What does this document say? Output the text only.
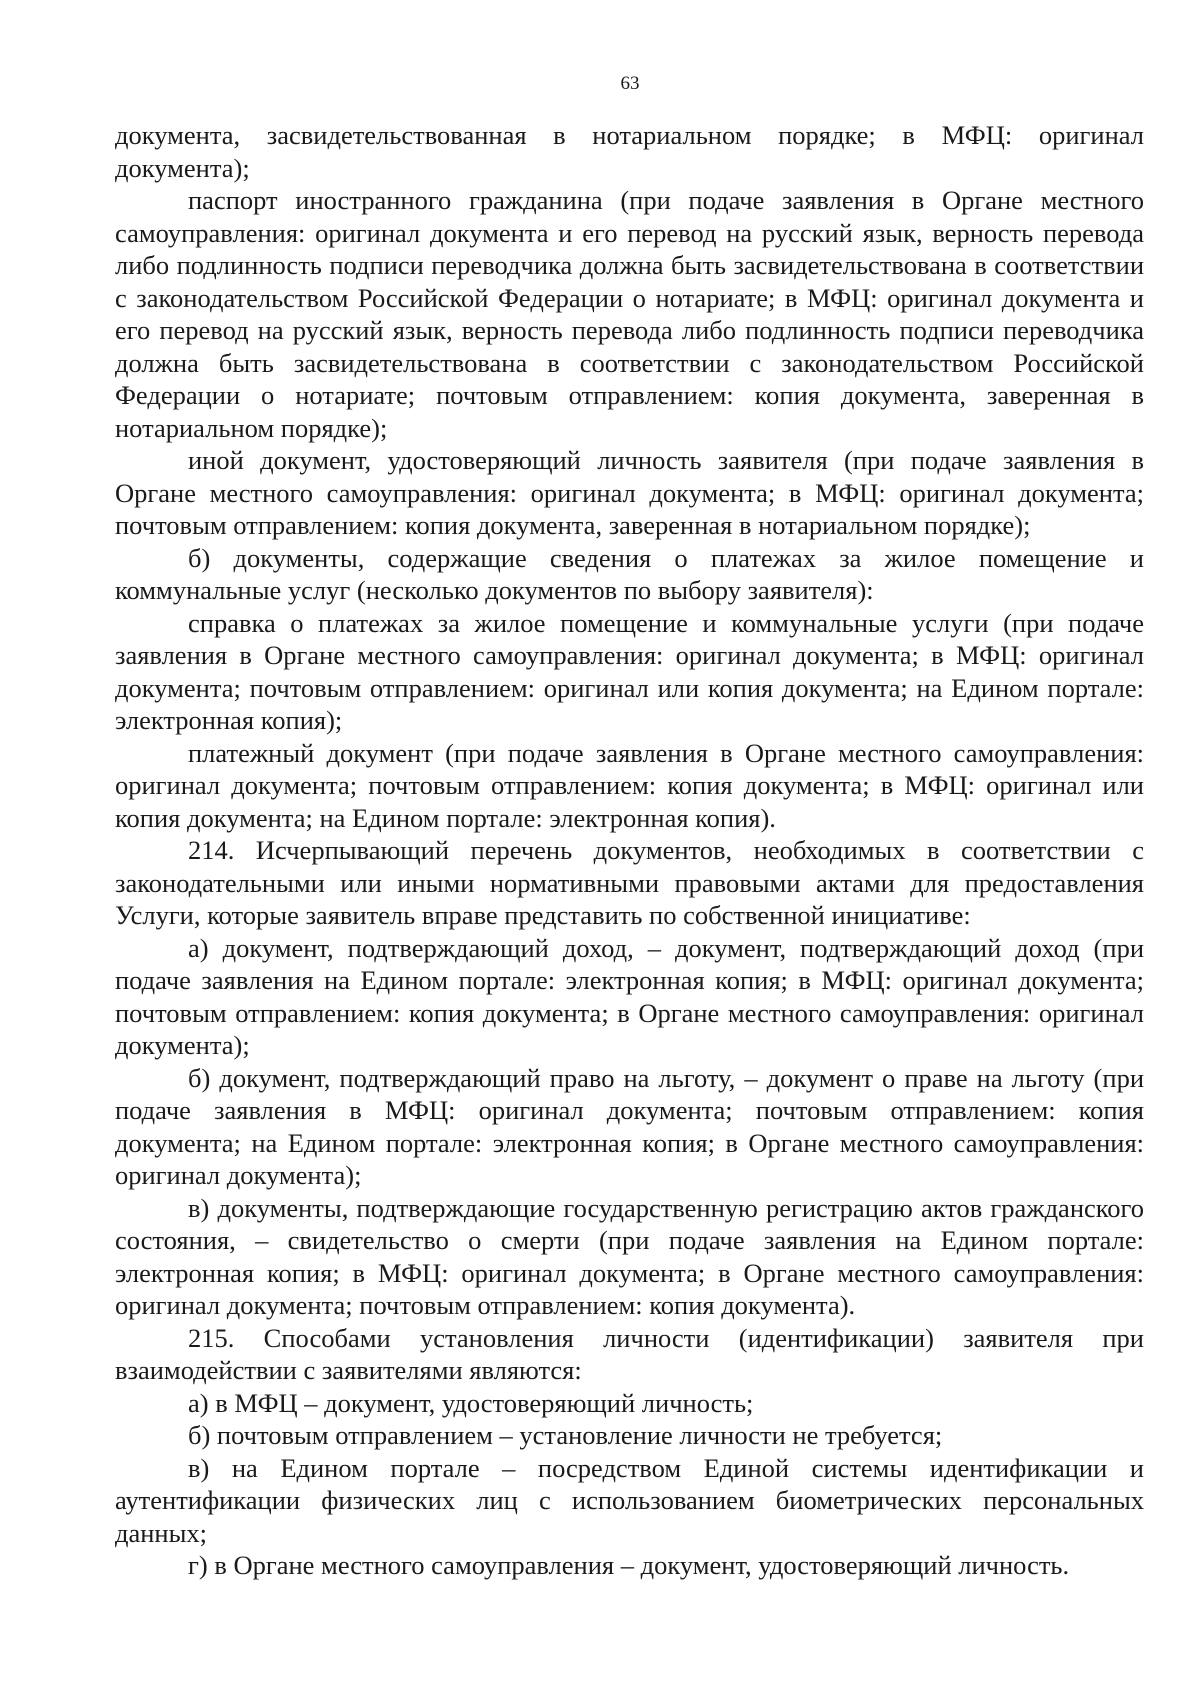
63

документа, засвидетельствованная в нотариальном порядке; в МФЦ: оригинал документа);

паспорт иностранного гражданина (при подаче заявления в Органе местного самоуправления: оригинал документа и его перевод на русский язык, верность перевода либо подлинность подписи переводчика должна быть засвидетельствована в соответствии с законодательством Российской Федерации о нотариате; в МФЦ: оригинал документа и его перевод на русский язык, верность перевода либо подлинность подписи переводчика должна быть засвидетельствована в соответствии с законодательством Российской Федерации о нотариате; почтовым отправлением: копия документа, заверенная в нотариальном порядке);

иной документ, удостоверяющий личность заявителя (при подаче заявления в Органе местного самоуправления: оригинал документа; в МФЦ: оригинал документа; почтовым отправлением: копия документа, заверенная в нотариальном порядке);

б) документы, содержащие сведения о платежах за жилое помещение и коммунальные услуг (несколько документов по выбору заявителя):

справка о платежах за жилое помещение и коммунальные услуги (при подаче заявления в Органе местного самоуправления: оригинал документа; в МФЦ: оригинал документа; почтовым отправлением: оригинал или копия документа; на Едином портале: электронная копия);

платежный документ (при подаче заявления в Органе местного самоуправления: оригинал документа; почтовым отправлением: копия документа; в МФЦ: оригинал или копия документа; на Едином портале: электронная копия).

214. Исчерпывающий перечень документов, необходимых в соответствии с законодательными или иными нормативными правовыми актами для предоставления Услуги, которые заявитель вправе представить по собственной инициативе:

а) документ, подтверждающий доход, – документ, подтверждающий доход (при подаче заявления на Едином портале: электронная копия; в МФЦ: оригинал документа; почтовым отправлением: копия документа; в Органе местного самоуправления: оригинал документа);

б) документ, подтверждающий право на льготу, – документ о праве на льготу (при подаче заявления в МФЦ: оригинал документа; почтовым отправлением: копия документа; на Едином портале: электронная копия; в Органе местного самоуправления: оригинал документа);

в) документы, подтверждающие государственную регистрацию актов гражданского состояния, – свидетельство о смерти (при подаче заявления на Едином портале: электронная копия; в МФЦ: оригинал документа; в Органе местного самоуправления: оригинал документа; почтовым отправлением: копия документа).

215. Способами установления личности (идентификации) заявителя при взаимодействии с заявителями являются:

а) в МФЦ – документ, удостоверяющий личность;

б) почтовым отправлением – установление личности не требуется;

в) на Едином портале – посредством Единой системы идентификации и аутентификации физических лиц с использованием биометрических персональных данных;

г) в Органе местного самоуправления – документ, удостоверяющий личность.
